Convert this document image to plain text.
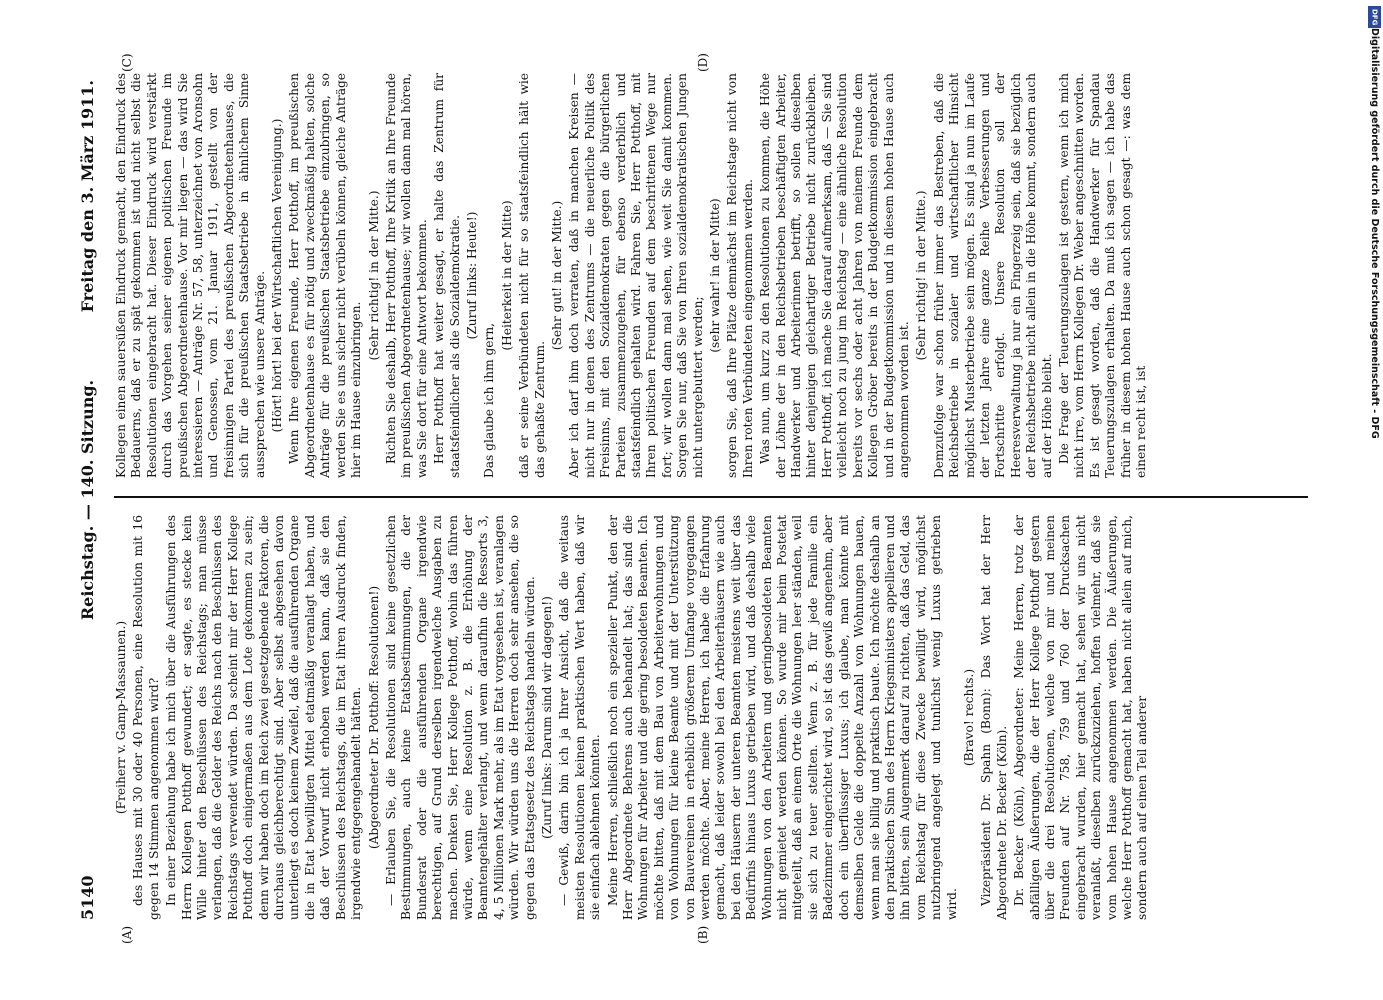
5140
Reichstag. — 140. Sitzung.
Freitag den 3. März 1911.
(A)	(B)
(C)	(D)

(Freiherr v. Gamp-Massaunen.) des Hauses mit 30 oder 40 Personen, eine Resolution mit 16 gegen 14 Stimmen angenommen wird? In einer Beziehung habe ich mich über die Ausführungen des Herrn Kollegen Potthoff gewundert; er sagte, es stecke kein Wille hinter den Beschlüssen des Reichstags; man müsse verlangen, daß die Gelder des Reichs nach den Beschlüssen des Reichstags verwendet würden. Da scheint mir der Herr Kollege Potthoff doch einigermaßen aus dem Lote gekommen zu sein; denn wir haben doch im Reich zwei gesetzgebende Faktoren, die durchaus gleichberechtigt sind. Aber selbst abgesehen davon unterliegt es doch keinem Zweifel, daß die ausführenden Organe die in Etat bewilligten Mittel etatmäßig veranlagt haben, und daß der Vorwurf nicht erhoben werden kann, daß sie den Beschlüssen des Reichstags, die im Etat ihren Ausdruck finden, irgendwie entgegengehandelt hätten. (Abgeordneter Dr. Potthoff: Resolutionen!) — Erlauben Sie, die Resolutionen sind keine gesetzlichen Bestimmungen, auch keine Etatsbestimmungen, die der Bundesrat oder die ausführenden Organe irgendwie berechtigen, auf Grund derselben irgendwelche Ausgaben zu machen. Denken Sie, Herr Kollege Potthoff, wohin das führen würde, wenn eine Resolution z. B. die Erhöhung der Beamtengehälter verlangt, und wenn daraufhin die Ressorts 3, 4, 5 Millionen Mark mehr, als im Etat vorgesehen ist, veranlagen würden. Wir würden uns die Herren doch sehr ansehen, die so gegen das Etatsgesetz des Reichstags handeln würden. (Zuruf links: Darum sind wir dagegen!) — Gewiß, darin bin ich ja Ihrer Ansicht, daß die weitaus meisten Resolutionen keinen praktischen Wert haben, daß wir sie einfach ablehnen könnten. Meine Herren, schließlich noch ein spezieller Punkt, den der Herr Abgeordnete Behrens auch behandelt hat; das sind die Wohnungen für Arbeiter und die gering besoldeten Beamten. Ich möchte bitten, daß mit dem Bau von Arbeiterwohnungen und von Wohnungen für kleine Beamte und mit der Unterstützung von Bauvereinen in erheblich größerem Umfange vorgegangen werden möchte. Aber, meine Herren, ich habe die Erfahrung gemacht, daß leider sowohl bei den Arbeiterhäusern wie auch bei den Häusern der unteren Beamten meistens weit über das Bedürfnis hinaus Luxus getrieben wird, und daß deshalb viele Wohnungen von den Arbeitern und geringbesoldeten Beamten nicht gemietet werden können. So wurde mir beim Postetat mitgeteilt, daß an einem Orte die Wohnungen leer ständen, weil sie sich zu teuer stellten. Wenn z. B. für jede Familie ein Badezimmer eingerichtet wird, so ist das gewiß angenehm, aber doch ein überflüssiger Luxus; ich glaube, man könnte mit demselben Gelde die doppelte Anzahl von Wohnungen bauen, wenn man sie billig und praktisch baute. Ich möchte deshalb an den praktischen Sinn des Herrn Kriegsministers appellieren und ihn bitten, sein Augenmerk darauf zu richten, daß das Geld, das vom Reichstag für diese Zwecke bewilligt wird, möglichst nutzbringend angelegt und tunlichst wenig Luxus getrieben wird.

(Bravo! rechts.) Vizepräsident Dr. Spahn (Bonn): Das Wort hat der Herr Abgeordnete Dr. Becker (Köln). Dr. Becker (Köln), Abgeordneter: Meine Herren, trotz der abfälligen Äußerungen, die der Herr Kollege Potthoff gestern über die drei Resolutionen, welche von mir und meinen Freunden auf Nr. 758, 759 und 760 der Drucksachen eingebracht wurden, hier gemacht hat, sehen wir uns nicht veranlaßt, dieselben zurückzuziehen, hoffen vielmehr, daß sie vom hohen Hause angenommen werden. Die Äußerungen, welche Herr Potthoff gemacht hat, haben nicht allein auf mich, sondern auch auf einen Teil anderer

Kollegen einen sauersüßen Eindruck gemacht, den Eindruck des Bedauerns, daß er zu spät gekommen ist und nicht selbst die Resolutionen eingebracht hat. Dieser Eindruck wird verstärkt durch das Vorgehen seiner eigenen politischen Freunde im preußischen Abgeordnetenhause. Vor mir liegen — das wird Sie interessieren — Anträge Nr. 57, 58, unterzeichnet von Aronsohn und Genossen, vom 21. Januar 1911, gestellt von der freisinnigen Partei des preußischen Abgeordnetenhauses, die sich für die preußischen Staatsbetriebe in ähnlichem Sinne aussprechen wie unsere Anträge. (Hört! hört! bei der Wirtschaftlichen Vereinigung.) Wenn Ihre eigenen Freunde, Herr Potthoff, im preußischen Abgeordnetenhause es für nötig und zweckmäßig halten, solche Anträge für die preußischen Staatsbetriebe einzubringen, so werden Sie es uns sicher nicht verübeln können, gleiche Anträge hier im Hause einzubringen.

(Sehr richtig! in der Mitte.) Richten Sie deshalb, Herr Potthoff, Ihre Kritik an Ihre Freunde im preußischen Abgeordnetenhause; wir wollen dann mal hören, was Sie dort für eine Antwort bekommen. Herr Potthoff hat weiter gesagt, er halte das Zentrum für staatsfeindlicher als die Sozialdemokratie. (Zuruf links: Heute!)

Das glaube ich ihm gern,

(Heiterkeit in der Mitte) daß er seine Verbündeten nicht für so staatsfeindlich hält wie das gehaßte Zentrum.

(Sehr gut! in der Mitte.) Aber ich darf ihm doch verraten, daß in manchen Kreisen — nicht nur in denen des Zentrums — die neuerliche Politik des Freisinns, mit den Sozialdemokraten gegen die bürgerlichen Parteien zusammenzugehen, für ebenso verderblich und staatsfeindlich gehalten wird. Fahren Sie, Herr Potthoff, mit Ihren politischen Freunden auf dem beschrittenen Wege nur fort; wir wollen dann mal sehen, wie weit Sie damit kommen. Sorgen Sie nur, daß Sie von Ihren sozialdemokratischen Jungen nicht untergebuttert werden;

(sehr wahr! in der Mitte) sorgen Sie, daß Ihre Plätze demnächst im Reichstage nicht von Ihren roten Verbündeten eingenommen werden. Was nun, um kurz zu den Resolutionen zu kommen, die Höhe der Löhne der in den Reichsbetrieben beschäftigten Arbeiter, Handwerker und Arbeiterinnen betrifft, so sollen dieselben hinter denjenigen gleichartiger Betriebe nicht zurückbleiben. Herr Potthoff, ich mache Sie darauf aufmerksam, daß — Sie sind vielleicht noch zu jung im Reichstag — eine ähnliche Resolution bereits vor sechs oder acht Jahren von meinem Freunde dem Kollegen Gröber bereits in der Budgetkommission eingebracht und in der Budgetkommission und in diesem hohen Hause auch angenommen worden ist.

(Sehr richtig! in der Mitte.) Demzufolge war schon früher immer das Bestreben, daß die Reichsbetriebe in sozialer und wirtschaftlicher Hinsicht möglichst Musterbetriebe sein mögen. Es sind ja nun im Laufe der letzten Jahre eine ganze Reihe Verbesserungen und Fortschritte erfolgt. Unsere Resolution soll der Heeresverwaltung ja nur ein Fingerzeig sein, daß sie bezüglich der Reichsbetriebe nicht allein in die Höhe kommt, sondern auch auf der Höhe bleibt. Die Frage der Teuerungszulagen ist gestern, wenn ich mich nicht irre, vom Herrn Kollegen Dr. Weber angeschnitten worden. Es ist gesagt worden, daß die Handwerker für Spandau Teuerungszulagen erhalten. Da muß ich sagen — ich habe das früher in diesem hohen Hause auch schon gesagt —: was dem einen recht ist, ist

DFG
Digitalisierung gefördert durch die Deutsche Forschungsgemeinschaft - DFG
